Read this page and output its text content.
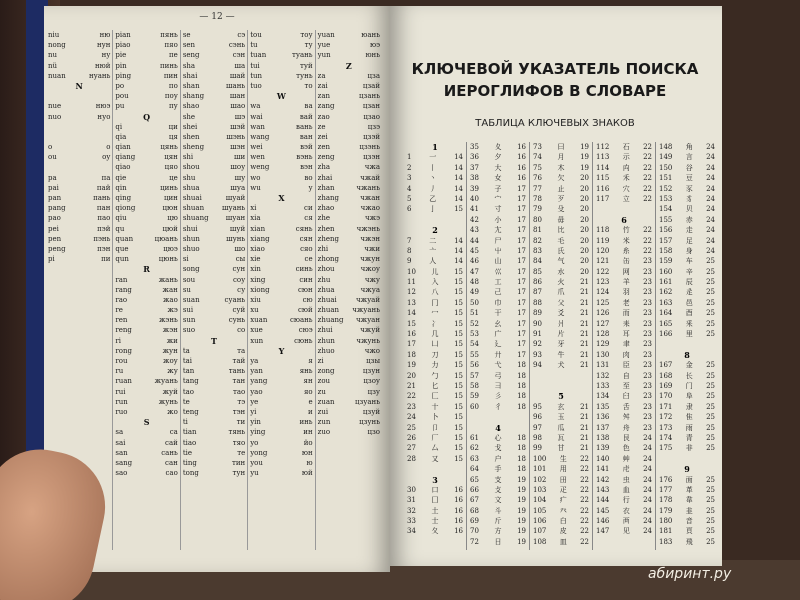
— 12 —
niu	ню
nong	нун
nu	ну
nü	нюй
nuan	нуань
N
nue	нюэ
nuo	нуо
o	о
ou	оу
pa	па
pai	пай
pan	пань
pang	пан
pao	пао
pei	пэй
pen	пэнь
peng	пэн
pi	пи
pian	пянь
piao	пяо
pie	пе
pin	пинь
ping	пин
po	по
pou	поу
pu	пу
Q
qi	ци
qia	ця
qian	цянь
qiang	цян
qiao	цяо
qie	це
qin	цинь
qing	цин
qiong	цюн
qiu	цю
qu	цюй
quan	цюань
que	цюэ
qun	цюнь
R
ran	жань
rang	жан
rao	жао
re	жэ
ren	жэнь
reng	жэн
ri	жи
rong	жун
rou	жоу
ru	жу
ruan	жуань
rui	жуй
run	жунь
ruo	жо
S
sa	са
sai	сай
san	сань
sang	сан
sao	сао
se	сэ
sen	сэнь
seng	сэн
sha	ша
shai	шай
shan	шань
shang	шан
shao	шао
she	шэ
shei	шэй
shen	шэнь
sheng	шэн
shi	ши
shou	шоу
shu	шу
shua	шуа
shuai	шуай
shuan	шуань
shuang шуан
shui	шуй
shun	шунь
shuo	шо
si	сы
song	сун
sou	соу
su	су
suan	суань
sui	суй
sun	сунь
suo	со
T
ta	та
tai	тай
tan	тань
tang	тан
tao	тао
te	тэ
teng	тэн
ti	ти
tian	тянь
tiao	тяо
tie	те
ting	тин
tong	тун
tou	тоу
tu	ту
tuan	туань
tui	туй
tun	тунь
tuo	то
W
wa	ва
wai	вай
wan	вань
wang	ван
wei	вэй
wen	вэнь
weng	вэн
wo	во
wu	у
X
xi	си
xia	ся
xian	сянь
xiang	сян
xiao	сяо
xie	се
xin	синь
xing	син
xiong	сюн
xiu	сю
xu	сюй
xuan	сюань
xue	сюэ
xun	сюнь
Y
ya	я
yan	янь
yang	ян
yao	яо
ye	е
yi	и
yin	инь
ying	ин
yo	йо
yong	юн
you	ю
yu	юй
yuan	юань
yue	юэ
yun	юнь
Z
za	цза
zai	цзай
zan	цзань
zang	цзан
zao	цзао
ze	цзэ
zei	цзэй
zen	цзэнь
zeng	цзэн
zha	чжа
zhai	чжай
zhan	чжань
zhang	чжан
zhao	чжао
zhe	чжэ
zhen	чжэнь
zheng	чжэн
zhi	чжи
zhong	чжун
zhou	чжоу
zhu	чжу
zhua	чжуа
zhuai	чжуай
zhuan чжуань
zhuang чжуан
zhui	чжуй
zhun	чжунь
zhuo	чжо
zi	цзы
zong	цзун
zou	цзоу
zu	цзу
zuan	цзуань
zui	цзуй
zun	цзунь
zuo	цзо
КЛЮЧЕВОЙ УКАЗАТЕЛЬ ПОИСКА
ИЕРОГЛИФОВ В СЛОВАРЕ
ТАБЛИЦА КЛЮЧЕВЫХ ЗНАКОВ
1
1	一	14
2	丨	14
3	丶	14
4	丿	14
5	乙	14
6	亅	15
2
7	二	14
8	亠	14
9	人	14
10 儿 15
11 入 15
12 八 15
13 冂 15
14 冖 15
15 冫 15
16 几 15
17 凵 15
18 刀 15
19 力 15
20 勹 15
21 匕 15
22 匚 15
23 十 15
24 卜 15
25 卩 15
26 厂 15
27 厶 15
28 又 15
3
30 口 16
31 囗 16
32 土 16
33 士 16
34 夂 16
35 夊 16
36 夕 16
37 大 16
38 女 16
39 子 17
40 宀 17
41 寸 17
42 小 17
43 尢 17
44 尸 17
45 屮 17
46 山 17
47 巛 17
48 工 17
49 己 17
50 巾 17
51 干 17
52 幺 17
53 广 17
54 廴 17
55 廾 17
56 弋 18
57 弓 18
58 彐 18
59 彡 18
60 彳 18
4
61 心 18
62 戈 18
63 户 18
64 手 18
65 支 19
66 攴 19
67 文 19
68 斗 19
69 斤 19
70 方 19
72 日 19
73 曰 19
74 月 19
75 木 19
76 欠 20
77 止 20
78 歹 20
79 殳 20
80 毋 20
81 比 20
82 毛 20
83 氏 20
84 气 20
85 水 20
86 火 21
87 爪 21
88 父 21
89 爻 21
90 爿 21
91 片 21
92 牙 21
93 牛 21
94 犬 21
5
95 玄 21
96 玉 21
97 瓜 21
98 瓦 21
99 甘 21
100 生 22
101 用 22
102 田 22
103 疋 22
104 疒 22
105 癶 22
106 白 22
107 皮 22
108 皿 22
112 石 22
113 示 22
114 禸 22
115 禾 22
116 穴 22
117 立 22
6
118 竹 22
119 米 22
120 糸 22
121 缶 23
122 网 23
123 羊 23
124 羽 23
125 老 23
126 而 23
127 耒 23
128 耳 23
129 聿 23
130 肉 23
131 臣 23
132 自 23
133 至 23
134 臼 23
135 舌 23
136 舛 23
137 舟 23
138 艮 24
139 色 24
140 艸 24
141 虍 24
142 虫 24
143 血 24
144 行 24
145 衣 24
146 襾 24
147 见 24
148 角 24
149 言 24
150 谷 24
151 豆 24
152 豕 24
153 豸 24
154 贝 24
155 赤 24
156 走 24
157 足 24
158 身 24
159 车 25
160 辛 25
161 辰 25
162 辵 25
163 邑 25
164 酉 25
165 釆 25
166 里 25
8
167 金 25
168 长 25
169 门 25
170 阜 25
171 隶 25
172 隹 25
173 雨 25
174 青 25
175 非 25
9
176 面 25
177 革 25
178 韋 25
179 韭 25
180 音 25
181 頁 25
183 飛 25
абиринт.ру
